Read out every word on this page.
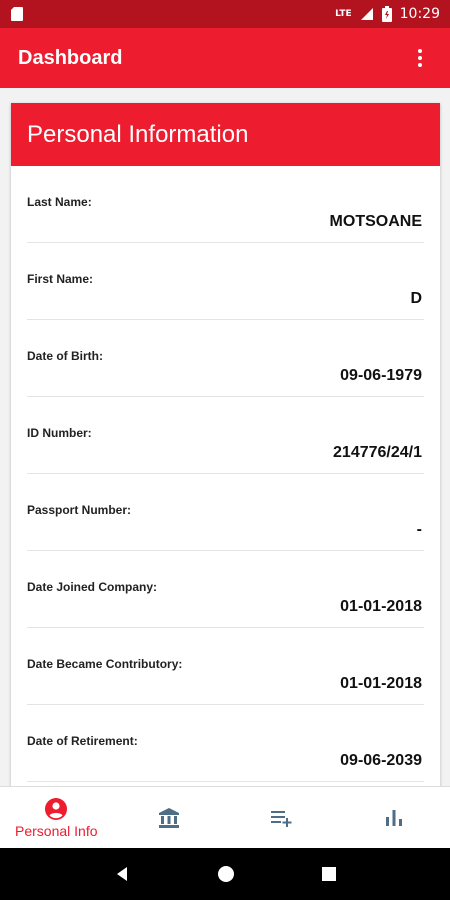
LTE	10:29
Dashboard
Personal Information
Last Name:
MOTSOANE
First Name:
D
Date of Birth:
09-06-1979
ID Number:
214776/24/1
Passport Number:
-
Date Joined Company:
01-01-2018
Date Became Contributory:
01-01-2018
Date of Retirement:
09-06-2039
Personal Info
